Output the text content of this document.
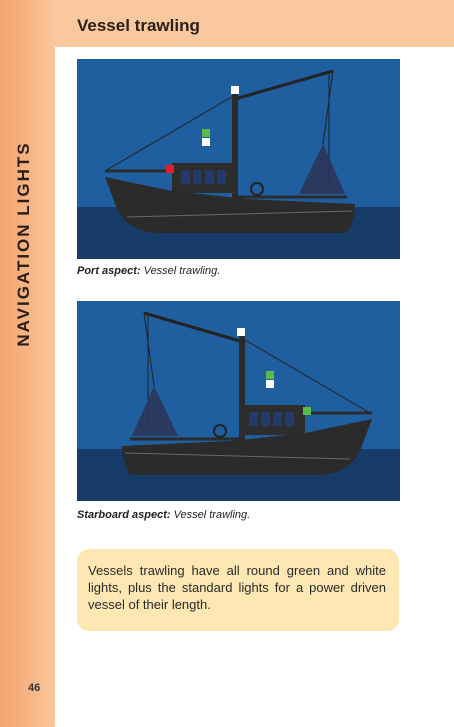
NAVIGATION LIGHTS
Vessel trawling
Port aspect: Vessel trawling.
Starboard aspect: Vessel trawling.
Vessels trawling have all round green and white lights, plus the standard lights for a power driven vessel of their length.
46
